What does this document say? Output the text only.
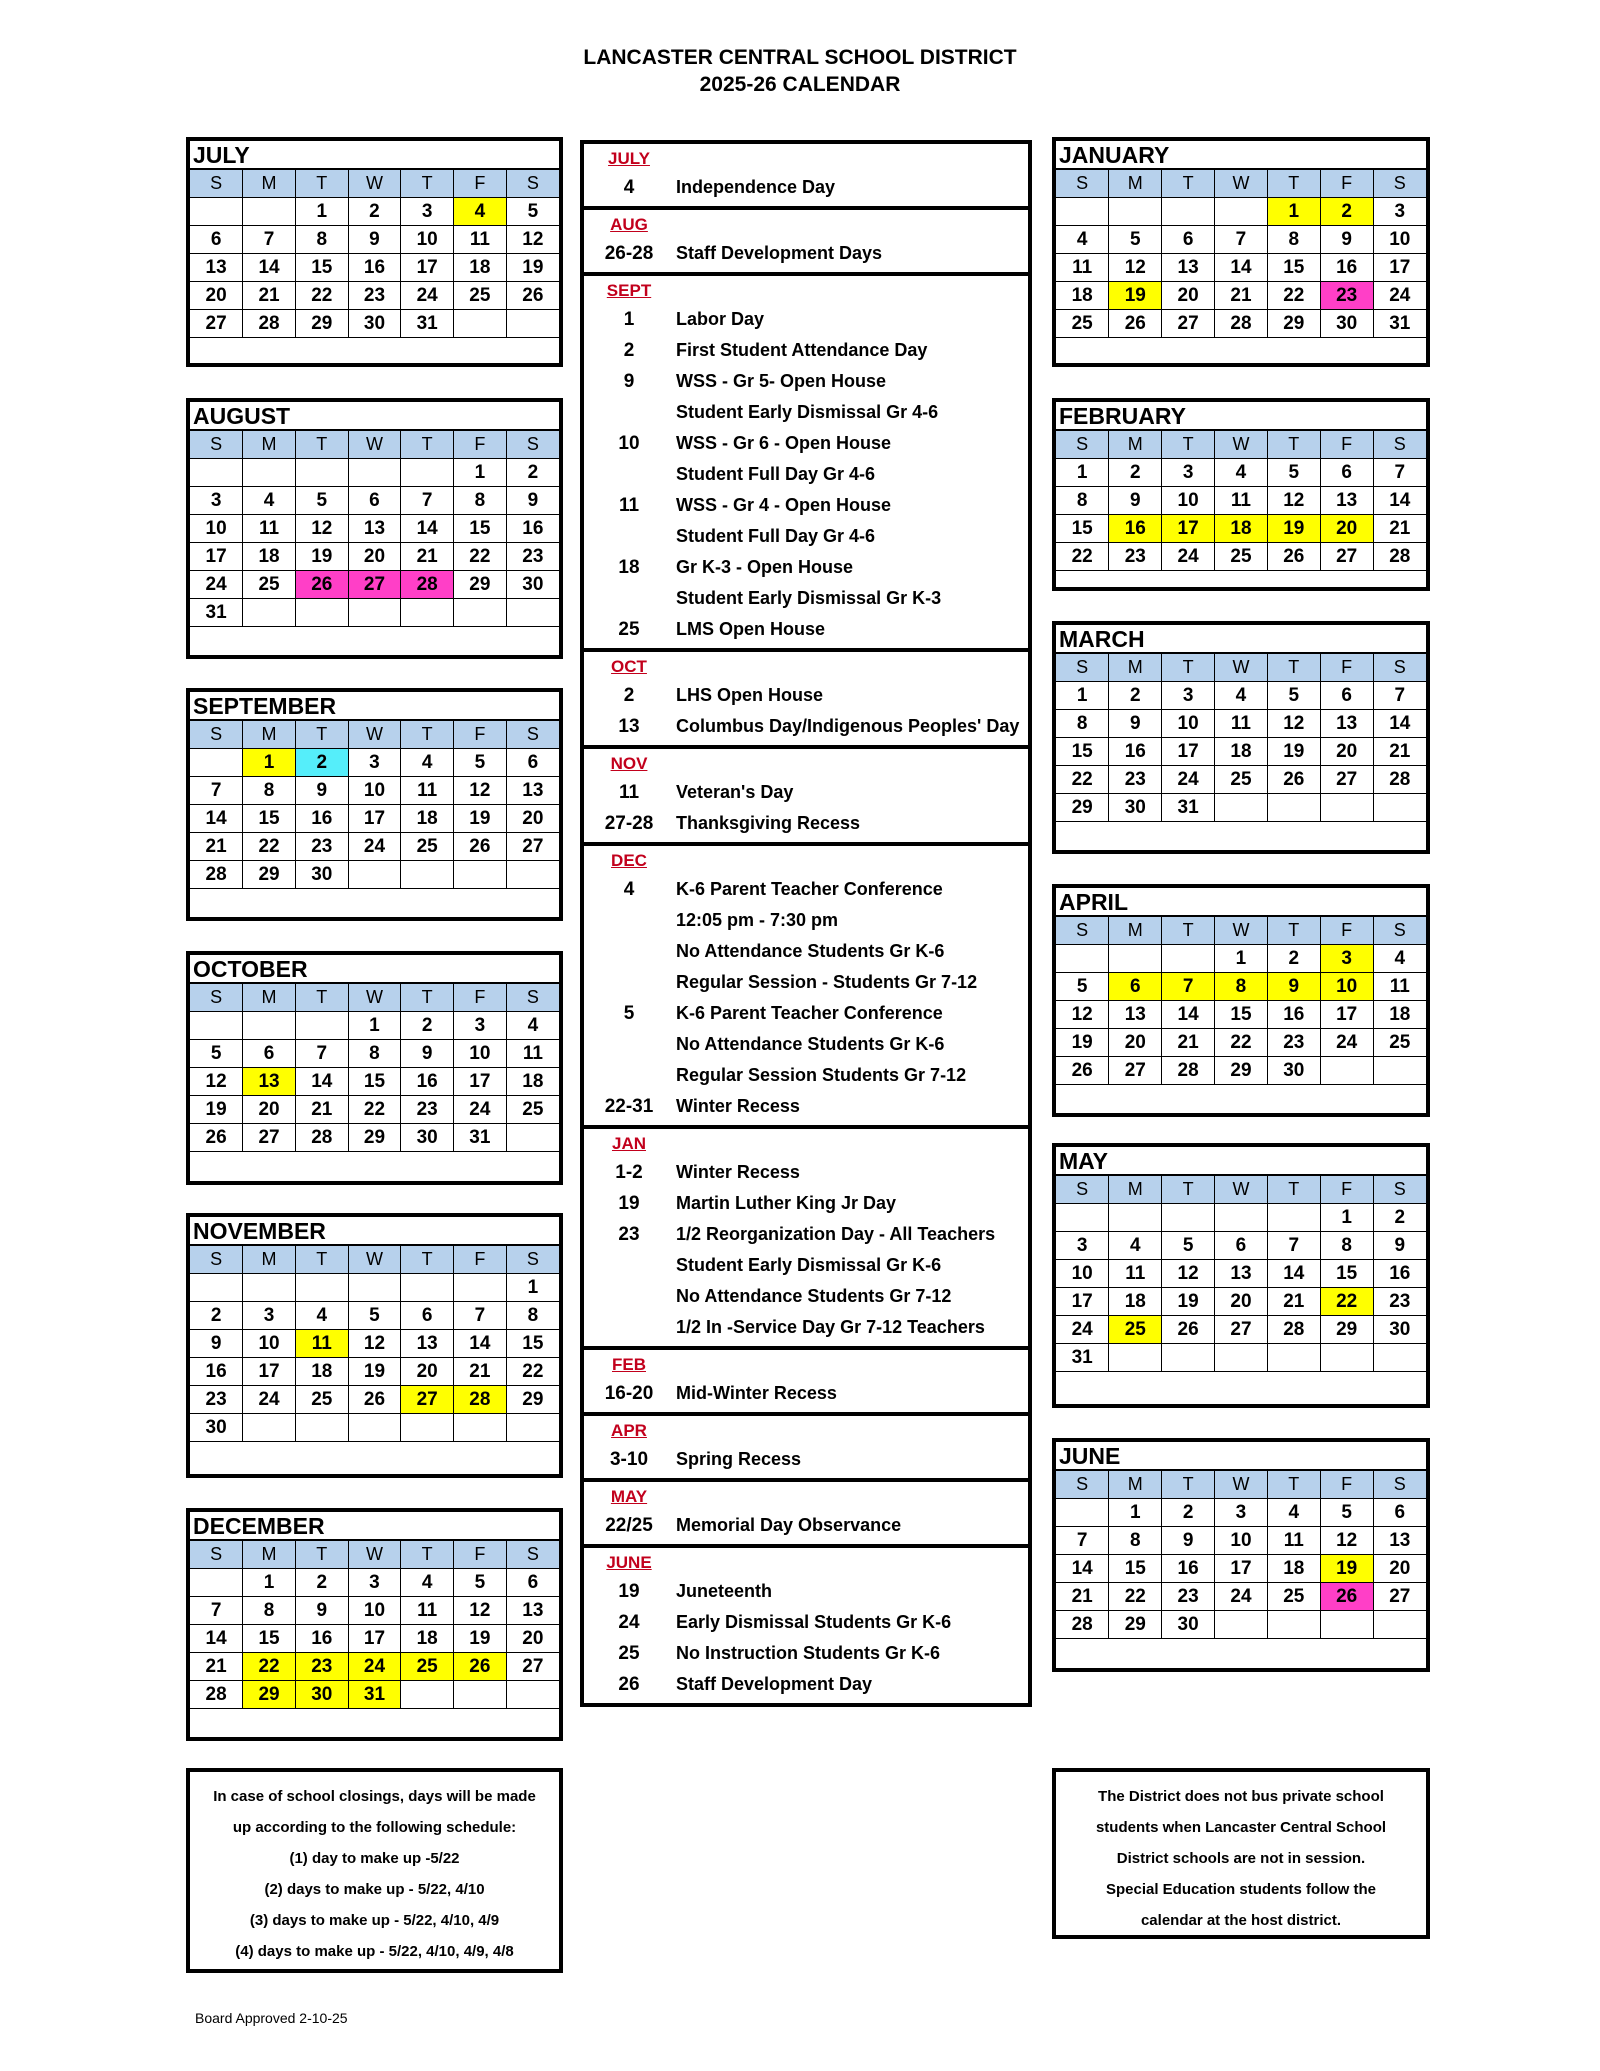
LANCASTER CENTRAL SCHOOL DISTRICT
2025-26 CALENDAR
JULY
S	M	T	W	T	F	S
		1	2	3	4	5
6	7	8	9	10	11	12
13	14	15	16	17	18	19
20	21	22	23	24	25	26
27	28	29	30	31		
AUGUST
S	M	T	W	T	F	S
					1	2
3	4	5	6	7	8	9
10	11	12	13	14	15	16
17	18	19	20	21	22	23
24	25	26	27	28	29	30
31						
SEPTEMBER
S	M	T	W	T	F	S
	1	2	3	4	5	6
7	8	9	10	11	12	13
14	15	16	17	18	19	20
21	22	23	24	25	26	27
28	29	30				
OCTOBER
S	M	T	W	T	F	S
			1	2	3	4
5	6	7	8	9	10	11
12	13	14	15	16	17	18
19	20	21	22	23	24	25
26	27	28	29	30	31	
NOVEMBER
S	M	T	W	T	F	S
						1
2	3	4	5	6	7	8
9	10	11	12	13	14	15
16	17	18	19	20	21	22
23	24	25	26	27	28	29
30						
DECEMBER
S	M	T	W	T	F	S
	1	2	3	4	5	6
7	8	9	10	11	12	13
14	15	16	17	18	19	20
21	22	23	24	25	26	27
28	29	30	31			
JANUARY
S	M	T	W	T	F	S
				1	2	3
4	5	6	7	8	9	10
11	12	13	14	15	16	17
18	19	20	21	22	23	24
25	26	27	28	29	30	31
FEBRUARY
S	M	T	W	T	F	S
1	2	3	4	5	6	7
8	9	10	11	12	13	14
15	16	17	18	19	20	21
22	23	24	25	26	27	28
MARCH
S	M	T	W	T	F	S
1	2	3	4	5	6	7
8	9	10	11	12	13	14
15	16	17	18	19	20	21
22	23	24	25	26	27	28
29	30	31				
APRIL
S	M	T	W	T	F	S
			1	2	3	4
5	6	7	8	9	10	11
12	13	14	15	16	17	18
19	20	21	22	23	24	25
26	27	28	29	30		
MAY
S	M	T	W	T	F	S
					1	2
3	4	5	6	7	8	9
10	11	12	13	14	15	16
17	18	19	20	21	22	23
24	25	26	27	28	29	30
31						
JUNE
S	M	T	W	T	F	S
	1	2	3	4	5	6
7	8	9	10	11	12	13
14	15	16	17	18	19	20
21	22	23	24	25	26	27
28	29	30				
JULY
4	Independence Day
AUG
26-28	Staff Development Days
SEPT
1	Labor Day
2	First Student Attendance Day
9	WSS - Gr 5- Open House
Student Early Dismissal Gr 4-6
10	WSS - Gr 6 - Open House
Student Full Day Gr 4-6
11	WSS - Gr 4 - Open House
Student Full Day Gr 4-6
18	Gr K-3 - Open House
Student Early Dismissal Gr K-3
25	LMS Open House
OCT
2	LHS Open House
13	Columbus Day/Indigenous Peoples' Day
NOV
11	Veteran's Day
27-28	Thanksgiving Recess
DEC
4	K-6 Parent Teacher Conference
12:05 pm - 7:30 pm
No Attendance Students Gr K-6
Regular Session - Students Gr 7-12
5	K-6 Parent Teacher Conference
No Attendance Students Gr K-6
Regular Session Students Gr 7-12
22-31	Winter Recess
JAN
1-2	Winter Recess
19	Martin Luther King Jr Day
23	1/2 Reorganization Day - All Teachers
Student Early Dismissal Gr K-6
No Attendance Students Gr 7-12
1/2 In -Service Day Gr 7-12 Teachers
FEB
16-20	Mid-Winter Recess
APR
3-10	Spring Recess
MAY
22/25	Memorial Day Observance
JUNE
19	Juneteenth
24	Early Dismissal Students Gr K-6
25	No Instruction Students Gr K-6
26	Staff Development Day
In case of school closings, days will be made
up according to the following schedule:
(1) day to make up -5/22
(2) days to make up - 5/22, 4/10
(3) days to make up - 5/22, 4/10, 4/9
(4) days to make up - 5/22, 4/10, 4/9, 4/8
The District does not bus private school
students when Lancaster Central School
District schools are not in session.
Special Education students follow the
calendar at the host district.
Board Approved 2-10-25
